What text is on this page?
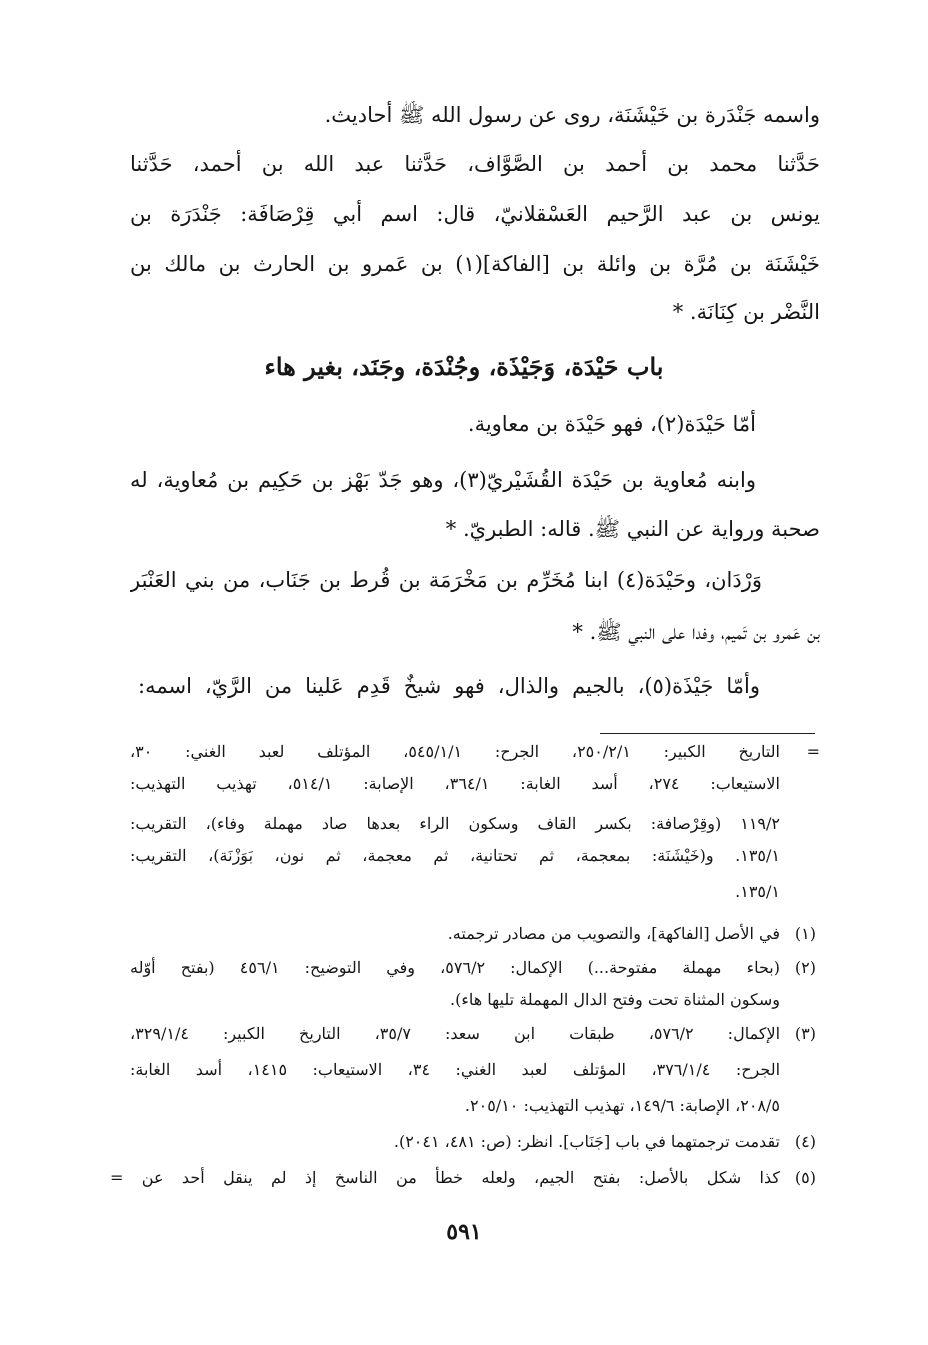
واسمه جَنْدَرة بن خَيْشَنَة، روى عن رسول الله ﷺ أحاديث.
حَدَّثنا محمد بن أحمد بن الصَّوَّاف، حَدَّثنا عبد الله بن أحمد، حَدَّثنا
يونس بن عبد الرَّحيم العَسْقلانيّ، قال: اسم أبي قِرْصَافَة: جَنْدَرَة بن
خَيْشَنَة بن مُرَّة بن وائلة بن [الفاكة](١) بن عَمرو بن الحارث بن مالك بن
النَّضْر بن كِنَانَة. *
باب حَيْدَة، وَجَيْذَة، وجُنْدَة، وجَنَد، بغير هاء
أمّا حَيْدَة(٢)، فهو حَيْدَة بن معاوية.
وابنه مُعاوية بن حَيْدَة القُشَيْريّ(٣)، وهو جَدّ بَهْز بن حَكِيم بن مُعاوية، له
صحبة ورواية عن النبي ﷺ. قاله: الطبريّ. *
وَرْدَان، وحَيْدَة(٤) ابنا مُخَرِّم بن مَخْرَمَة بن قُرط بن جَنَاب، من بني العَنْبَر
بن عَمرو بن تَميم، وفدا على النبي ﷺ. *
وأمّا جَيْذَة(٥)، بالجيم والذال، فهو شيخٌ قَدِم عَلينا من الرَّيّ، اسمه:
=
التاريخ الكبير: ٢٥٠/٢/١، الجرح: ٥٤٥/١/١، المؤتلف لعبد الغني: ٣٠،
الاستيعاب: ٢٧٤، أسد الغابة: ٣٦٤/١، الإصابة: ٥١٤/١، تهذيب التهذيب:
١١٩/٢ (وقِرْصافة: بكسر القاف وسكون الراء بعدها صاد مهملة وفاء)، التقريب:
١٣٥/١. و(خَيْشَنَة: بمعجمة، ثم تحتانية، ثم معجمة، ثم نون، بَوَزْنَة)، التقريب:
١٣٥/١.
(١)
في الأصل [الفاكهة]، والتصويب من مصادر ترجمته.
(٢)
(بحاء مهملة مفتوحة...) الإكمال: ٥٧٦/٢، وفي التوضيح: ٤٥٦/١ (بفتح أوّله
وسكون المثناة تحت وفتح الدال المهملة تليها هاء).
(٣)
الإكمال: ٥٧٦/٢، طبقات ابن سعد: ٣٥/٧، التاريخ الكبير: ٣٢٩/١/٤،
الجرح: ٣٧٦/١/٤، المؤتلف لعبد الغني: ٣٤، الاستيعاب: ١٤١٥، أسد الغابة:
٢٠٨/٥، الإصابة: ١٤٩/٦، تهذيب التهذيب: ٢٠٥/١٠.
(٤)
تقدمت ترجمتهما في باب [جَنَاب]. انظر: (ص: ٤٨١، ٢٠٤١).
(٥)
كذا شكل بالأصل: بفتح الجيم، ولعله خطأ من الناسخ إذ لم ينقل أحد عن =
٥٩١
